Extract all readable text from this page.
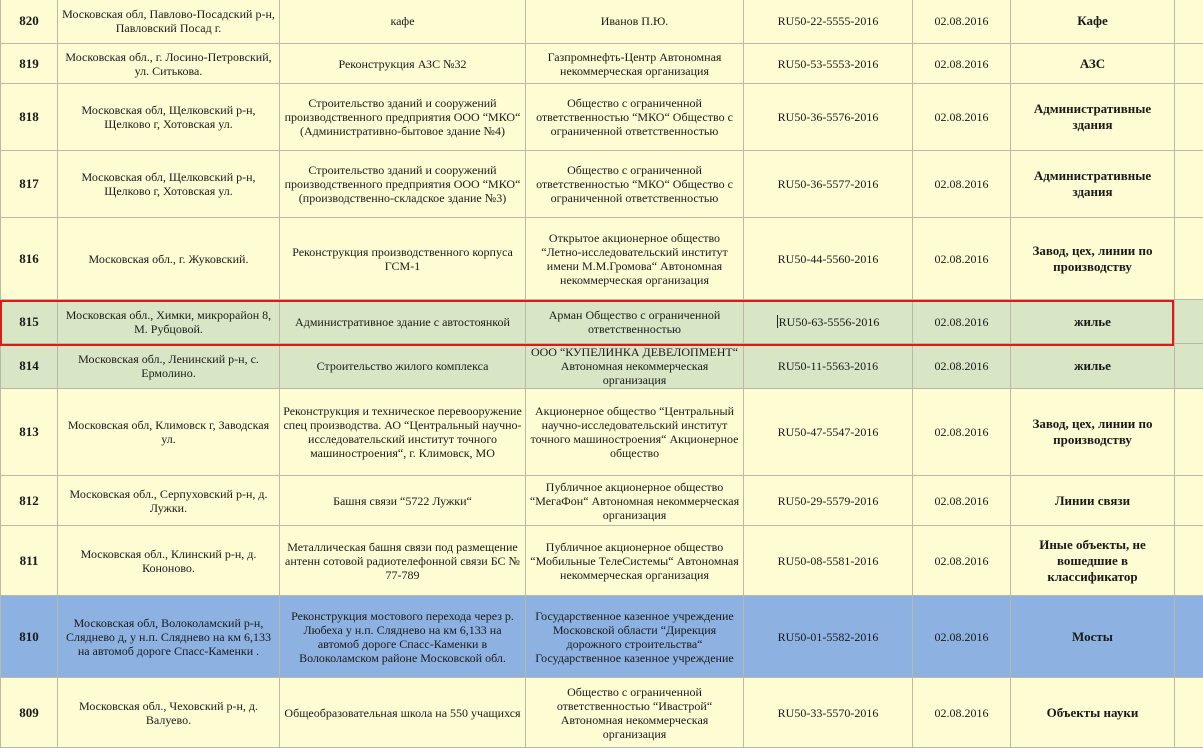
820	Московская обл, Павлово-Посадский р-н, Павловский Посад г.	кафе	Иванов П.Ю.	RU50-22-5555-2016	02.08.2016	Кафе	
819	Московская обл., г. Лосино-Петровский, ул. Ситькова.	Реконструкция АЗС №32	Газпромнефть-Центр Автономная некоммерческая организация	RU50-53-5553-2016	02.08.2016	АЗС	
818	Московская обл, Щелковский р-н, Щелково г, Хотовская ул.	Строительство зданий и сооружений производственного предприятия ООО “МКО“ (Административно-бытовое здание №4)	Общество с ограниченной ответственностью “МКО“ Общество с ограниченной ответственностью	RU50-36-5576-2016	02.08.2016	Административные здания	
817	Московская обл, Щелковский р-н, Щелково г, Хотовская ул.	Строительство зданий и сооружений производственного предприятия ООО “МКО“ (производственно-складское здание №3)	Общество с ограниченной ответственностью “МКО“ Общество с ограниченной ответственностью	RU50-36-5577-2016	02.08.2016	Административные здания	
816	Московская обл., г. Жуковский.	Реконструкция производственного корпуса ГСМ-1	Открытое акционерное общество “Летно-исследовательский институт имени М.М.Громова“ Автономная некоммерческая организация	RU50-44-5560-2016	02.08.2016	Завод, цех, линии по производству	
815	Московская обл., Химки, микрорайон 8, М. Рубцовой.	Административное здание с автостоянкой	Арман Общество с ограниченной ответственностью	RU50-63-5556-2016	02.08.2016	жилье	
814	Московская обл., Ленинский р-н, с. Ермолино.	Строительство жилого комплекса	ООО “КУПЕЛИНКА ДЕВЕЛОПМЕНТ“ Автономная некоммерческая организация	RU50-11-5563-2016	02.08.2016	жилье	
813	Московская обл, Климовск г, Заводская ул.	Реконструкция и техническое перевооружение спец производства. АО “Центральный научно-исследовательский институт точного машиностроения“, г. Климовск, МО	Акционерное общество “Центральный научно-исследовательский институт точного машиностроения“ Акционерное общество	RU50-47-5547-2016	02.08.2016	Завод, цех, линии по производству	
812	Московская обл., Серпуховский р-н, д. Лужки.	Башня связи “5722 Лужки“	Публичное акционерное общество “МегаФон“ Автономная некоммерческая организация	RU50-29-5579-2016	02.08.2016	Линии связи	
811	Московская обл., Клинский р-н, д. Кононово.	Металлическая башня связи под размещение антенн сотовой радиотелефонной связи БС № 77-789	Публичное акционерное общество “Мобильные ТелеСистемы“ Автономная некоммерческая организация	RU50-08-5581-2016	02.08.2016	Иные объекты, не вошедшие в классификатор	
810	Московская обл, Волоколамский р-н, Сляднево д, у н.п. Сляднево на км 6,133 на автомоб дороге Спасс-Каменки .	Реконструкция мостового перехода через р. Любеха у н.п. Сляднево на км 6,133 на автомоб дороге Спасс-Каменки в Волоколамском районе Московской обл.	Государственное казенное учреждение Московской области “Дирекция дорожного строительства“ Государственное казенное учреждение	RU50-01-5582-2016	02.08.2016	Мосты	
809	Московская обл., Чеховский р-н, д. Валуево.	Общеобразовательная школа на 550 учащихся	Общество с ограниченной ответственностью “Ивастрой“ Автономная некоммерческая организация	RU50-33-5570-2016	02.08.2016	Объекты науки	
